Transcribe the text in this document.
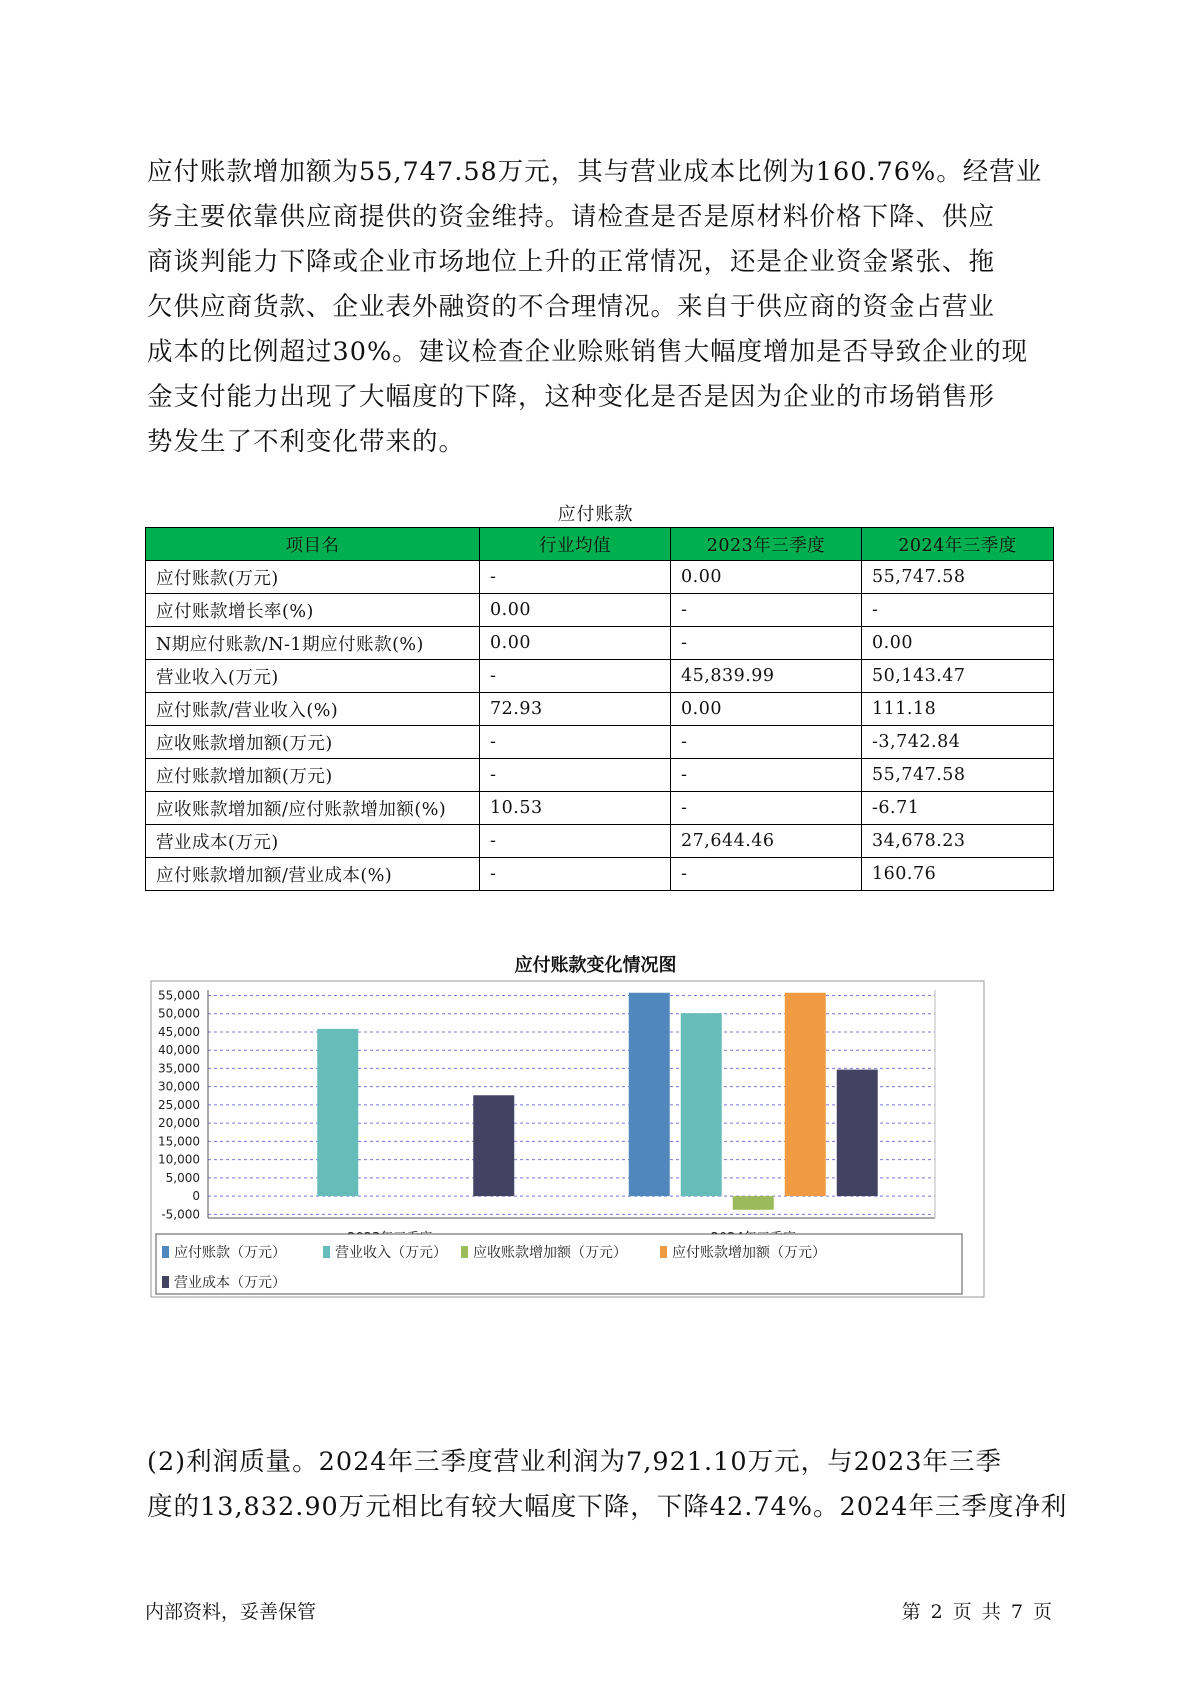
应付账款增加额为55,747.58万元，其与营业成本比例为160.76%。经营业
务主要依靠供应商提供的资金维持。请检查是否是原材料价格下降、供应
商谈判能力下降或企业市场地位上升的正常情况，还是企业资金紧张、拖
欠供应商货款、企业表外融资的不合理情况。来自于供应商的资金占营业
成本的比例超过30%。建议检查企业赊账销售大幅度增加是否导致企业的现
金支付能力出现了大幅度的下降，这种变化是否是因为企业的市场销售形
势发生了不利变化带来的。
应付账款
项目名	行业均值	2023年三季度	2024年三季度
应付账款(万元)	-	0.00	55,747.58
应付账款增长率(%)	0.00	-	-
N期应付账款/N-1期应付账款(%)	0.00	-	0.00
营业收入(万元)	-	45,839.99	50,143.47
应付账款/营业收入(%)	72.93	0.00	111.18
应收账款增加额(万元)	-	-	-3,742.84
应付账款增加额(万元)	-	-	55,747.58
应收账款增加额/应付账款增加额(%)	10.53	-	-6.71
营业成本(万元)	-	27,644.46	34,678.23
应付账款增加额/营业成本(%)	-	-	160.76
应付账款变化情况图
55,000
50,000
45,000
40,000
35,000
30,000
25,000
20,000
15,000
10,000
5,000
0
-5,000
应付账款（万元）	营业收入（万元） 应收账款增加额（万元）	应付账款增加额（万元）
营业成本（万元）
(2)利润质量。2024年三季度营业利润为7,921.10万元，与2023年三季
度的13,832.90万元相比有较大幅度下降，下降42.74%。2024年三季度净利
内部资料，妥善保管	第 2 页 共 7 页
